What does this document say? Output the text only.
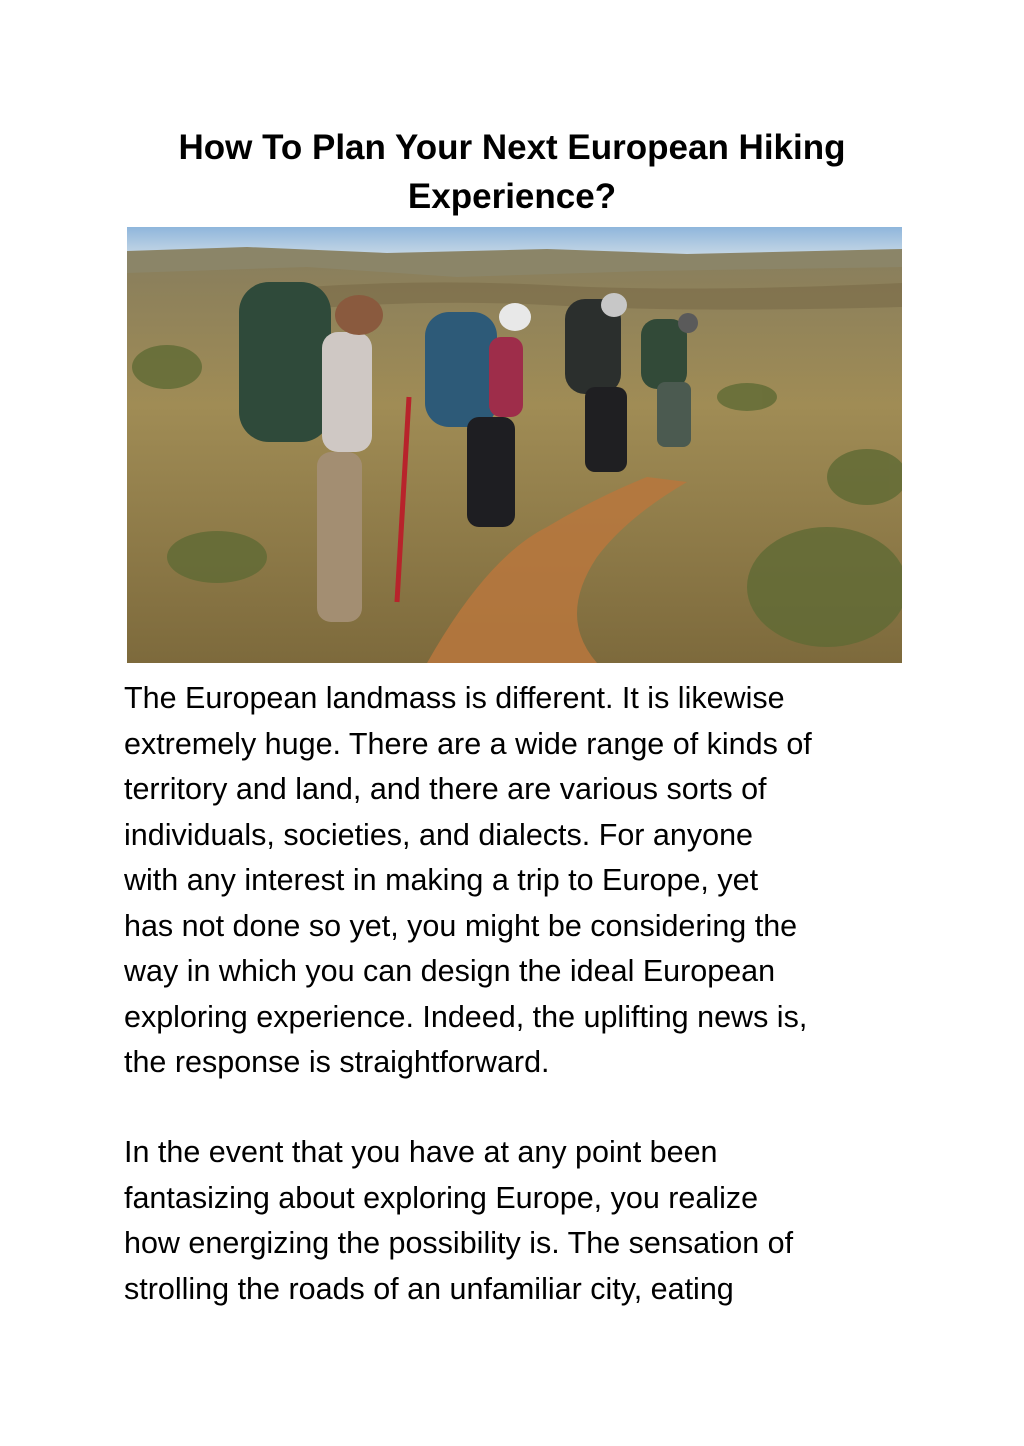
How To Plan Your Next European Hiking
Experience?

The European landmass is different. It is likewise
extremely huge. There are a wide range of kinds of
territory and land, and there are various sorts of
individuals, societies, and dialects. For anyone
with any interest in making a trip to Europe, yet
has not done so yet, you might be considering the
way in which you can design the ideal European
exploring experience. Indeed, the uplifting news is,
the response is straightforward.

In the event that you have at any point been
fantasizing about exploring Europe, you realize
how energizing the possibility is. The sensation of
strolling the roads of an unfamiliar city, eating
